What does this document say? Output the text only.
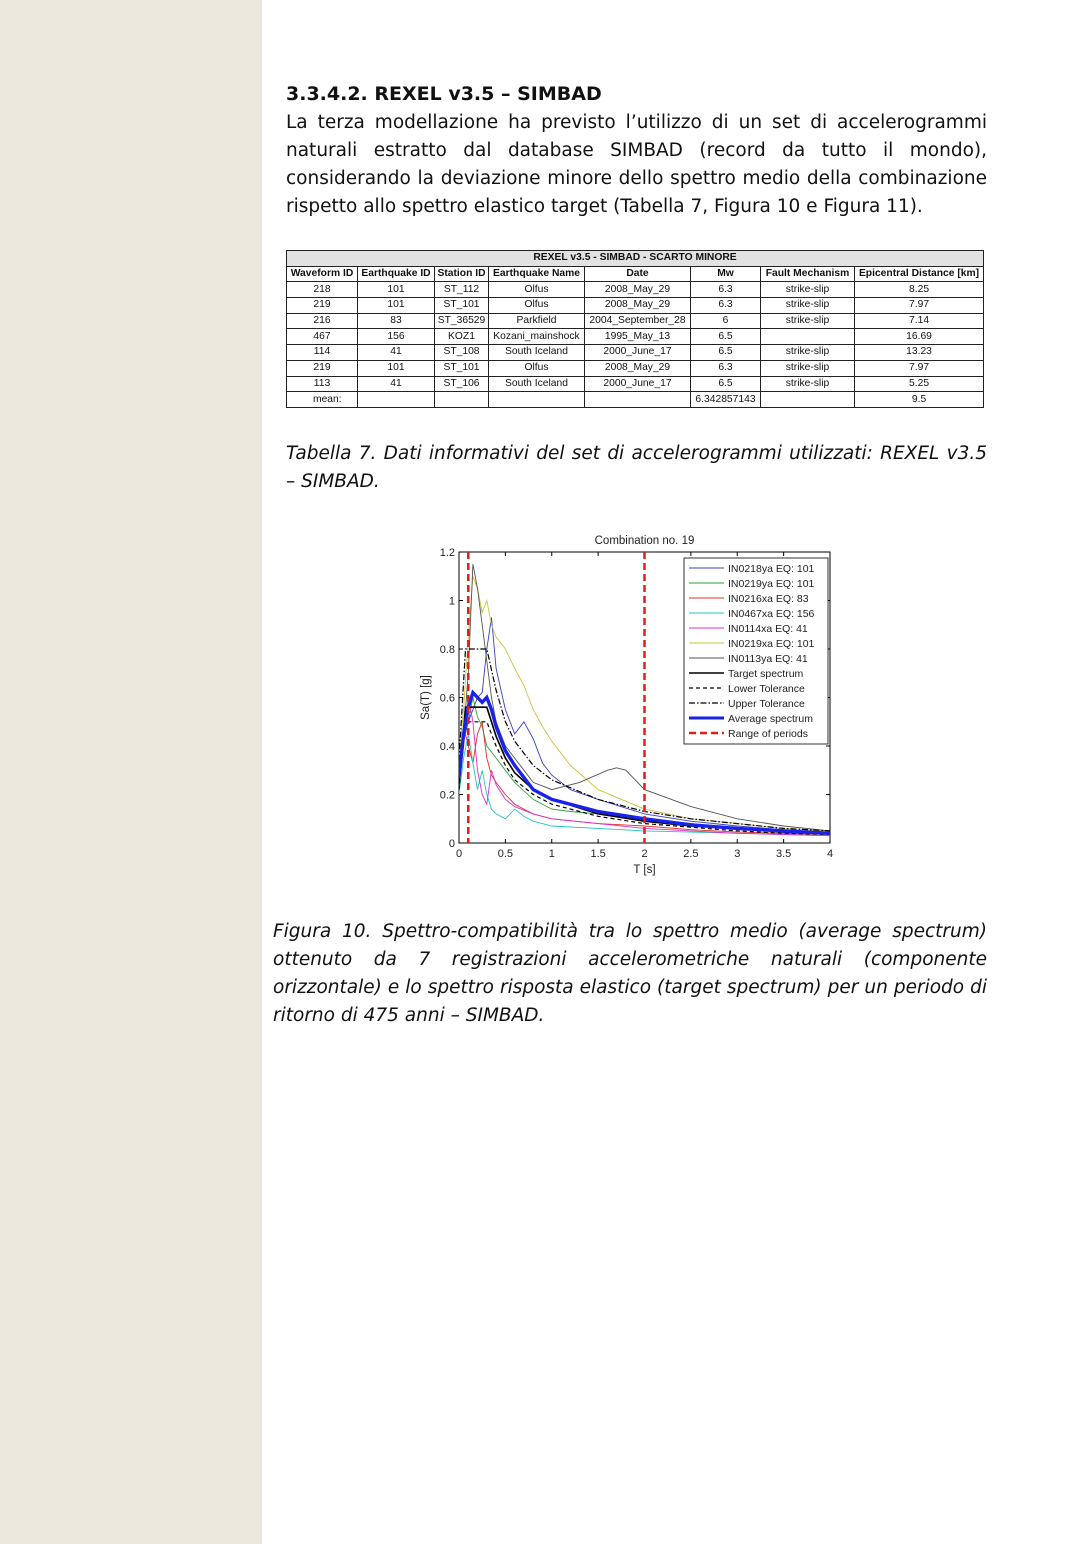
3.3.4.2. REXEL v3.5 – SIMBAD

La terza modellazione ha previsto l’utilizzo di un set di accelerogrammi naturali estratto dal database SIMBAD (record da tutto il mondo), considerando la deviazione minore dello spettro medio della combinazione rispetto allo spettro elastico target (Tabella 7, Figura 10 e Figura 11).

REXEL v3.5 - SIMBAD - SCARTO MINORE							
Waveform ID	Earthquake ID	Station ID	Earthquake Name	Date	Mw	Fault Mechanism	Epicentral Distance [km]
218	101	ST_112	Olfus	2008_May_29	6.3	strike-slip	8.25
219	101	ST_101	Olfus	2008_May_29	6.3	strike-slip	7.97
216	83	ST_36529	Parkfield	2004_September_28	6	strike-slip	7.14
467	156	KOZ1	Kozani_mainshock	1995_May_13	6.5		16.69
114	41	ST_108	South Iceland	2000_June_17	6.5	strike-slip	13.23
219	101	ST_101	Olfus	2008_May_29	6.3	strike-slip	7.97
113	41	ST_106	South Iceland	2000_June_17	6.5	strike-slip	5.25
mean:					6.342857143		9.5

Tabella 7. Dati informativi del set di accelerogrammi utilizzati: REXEL v3.5 – SIMBAD.

Combination no. 19
0	0.5	1	1.5	2	2.5	3	3.5	4
0
0.2
0.4
0.6
0.8
1
1.2
T [s]
Sa(T) [g]
IN0218ya EQ: 101
IN0219ya EQ: 101
IN0216xa EQ: 83
IN0467xa EQ: 156
IN0114xa EQ: 41
IN0219xa EQ: 101
IN0113ya EQ: 41
Target spectrum
Lower Tolerance
Upper Tolerance
Average spectrum
Range of periods

Figura 10. Spettro-compatibilità tra lo spettro medio (average spectrum) ottenuto da 7 registrazioni accelerometriche naturali (componente orizzontale) e lo spettro risposta elastico (target spectrum) per un periodo di ritorno di 475 anni – SIMBAD.
